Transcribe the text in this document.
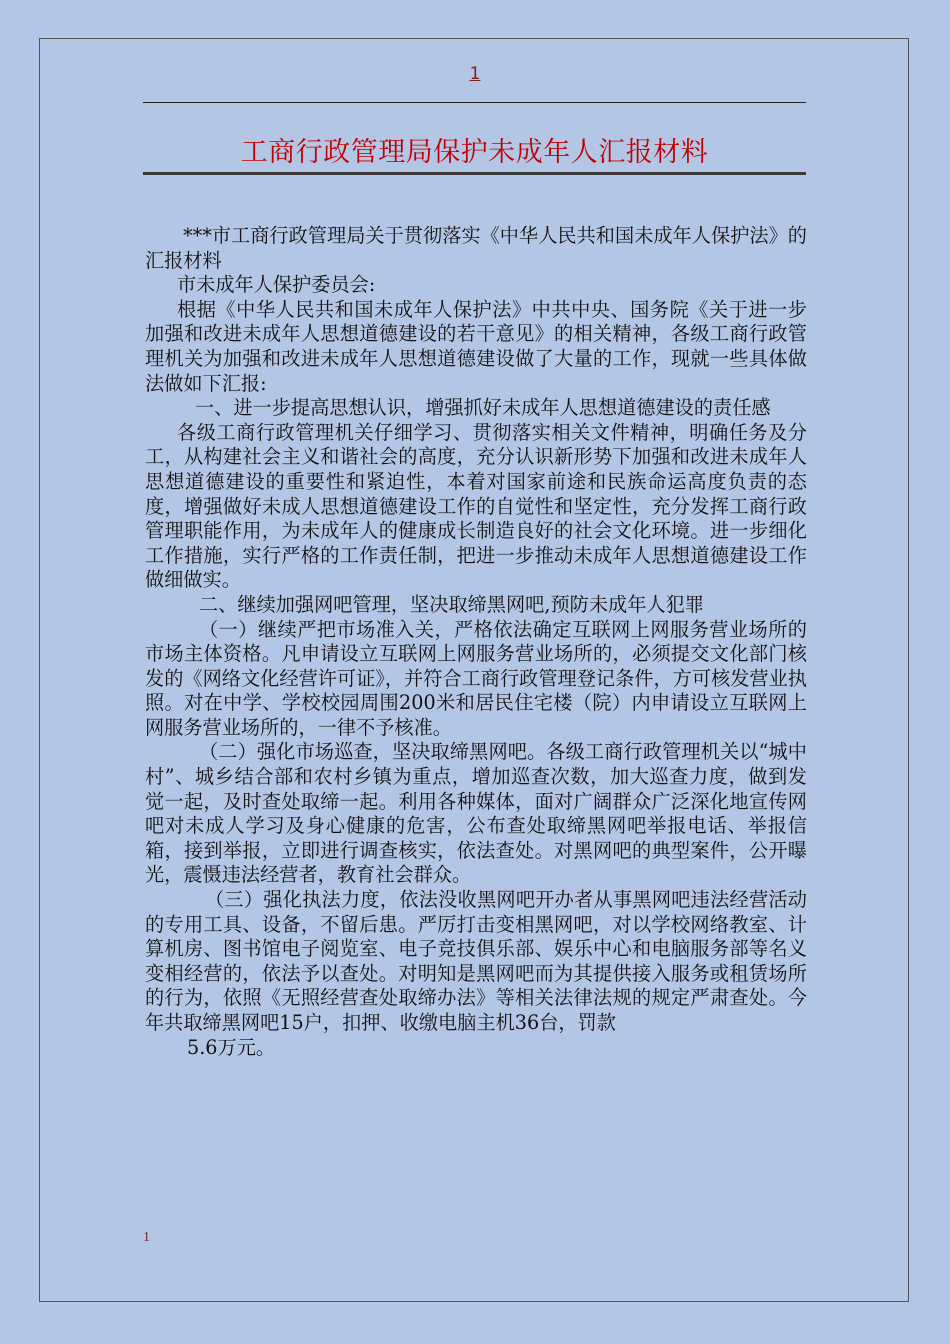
1
工商行政管理局保护未成年人汇报材料

***市工商行政管理局关于贯彻落实《中华人民共和国未成年人保护法》的汇报材料

市未成年人保护委员会:

根据《中华人民共和国未成年人保护法》中共中央、国务院《关于进一步加强和改进未成年人思想道德建设的若干意见》的相关精神，各级工商行政管理机关为加强和改进未成年人思想道德建设做了大量的工作，现就一些具体做法做如下汇报:

一、进一步提高思想认识，增强抓好未成年人思想道德建设的责任感

各级工商行政管理机关仔细学习、贯彻落实相关文件精神，明确任务及分工，从构建社会主义和谐社会的高度，充分认识新形势下加强和改进未成年人思想道德建设的重要性和紧迫性，本着对国家前途和民族命运高度负责的态度，增强做好未成人思想道德建设工作的自觉性和坚定性，充分发挥工商行政管理职能作用，为未成年人的健康成长制造良好的社会文化环境。进一步细化工作措施，实行严格的工作责任制，把进一步推动未成年人思想道德建设工作做细做实。

二、继续加强网吧管理，坚决取缔黑网吧,预防未成年人犯罪

（一）继续严把市场准入关，严格依法确定互联网上网服务营业场所的市场主体资格。凡申请设立互联网上网服务营业场所的，必须提交文化部门核发的《网络文化经营许可证》，并符合工商行政管理登记条件，方可核发营业执照。对在中学、学校校园周围200米和居民住宅楼（院）内申请设立互联网上网服务营业场所的，一律不予核准。

（二）强化市场巡查，坚决取缔黑网吧。各级工商行政管理机关以“城中村”、城乡结合部和农村乡镇为重点，增加巡查次数，加大巡查力度，做到发觉一起，及时查处取缔一起。利用各种媒体，面对广阔群众广泛深化地宣传网吧对未成人学习及身心健康的危害，公布查处取缔黑网吧举报电话、举报信箱，接到举报，立即进行调查核实，依法查处。对黑网吧的典型案件，公开曝光，震慑违法经营者，教育社会群众。

（三）强化执法力度，依法没收黑网吧开办者从事黑网吧违法经营活动的专用工具、设备，不留后患。严厉打击变相黑网吧，对以学校网络教室、计算机房、图书馆电子阅览室、电子竞技俱乐部、娱乐中心和电脑服务部等名义变相经营的，依法予以查处。对明知是黑网吧而为其提供接入服务或租赁场所的行为，依照《无照经营查处取缔办法》等相关法律法规的规定严肃查处。今年共取缔黑网吧15户，扣押、收缴电脑主机36台，罚款

5.6万元。

1
